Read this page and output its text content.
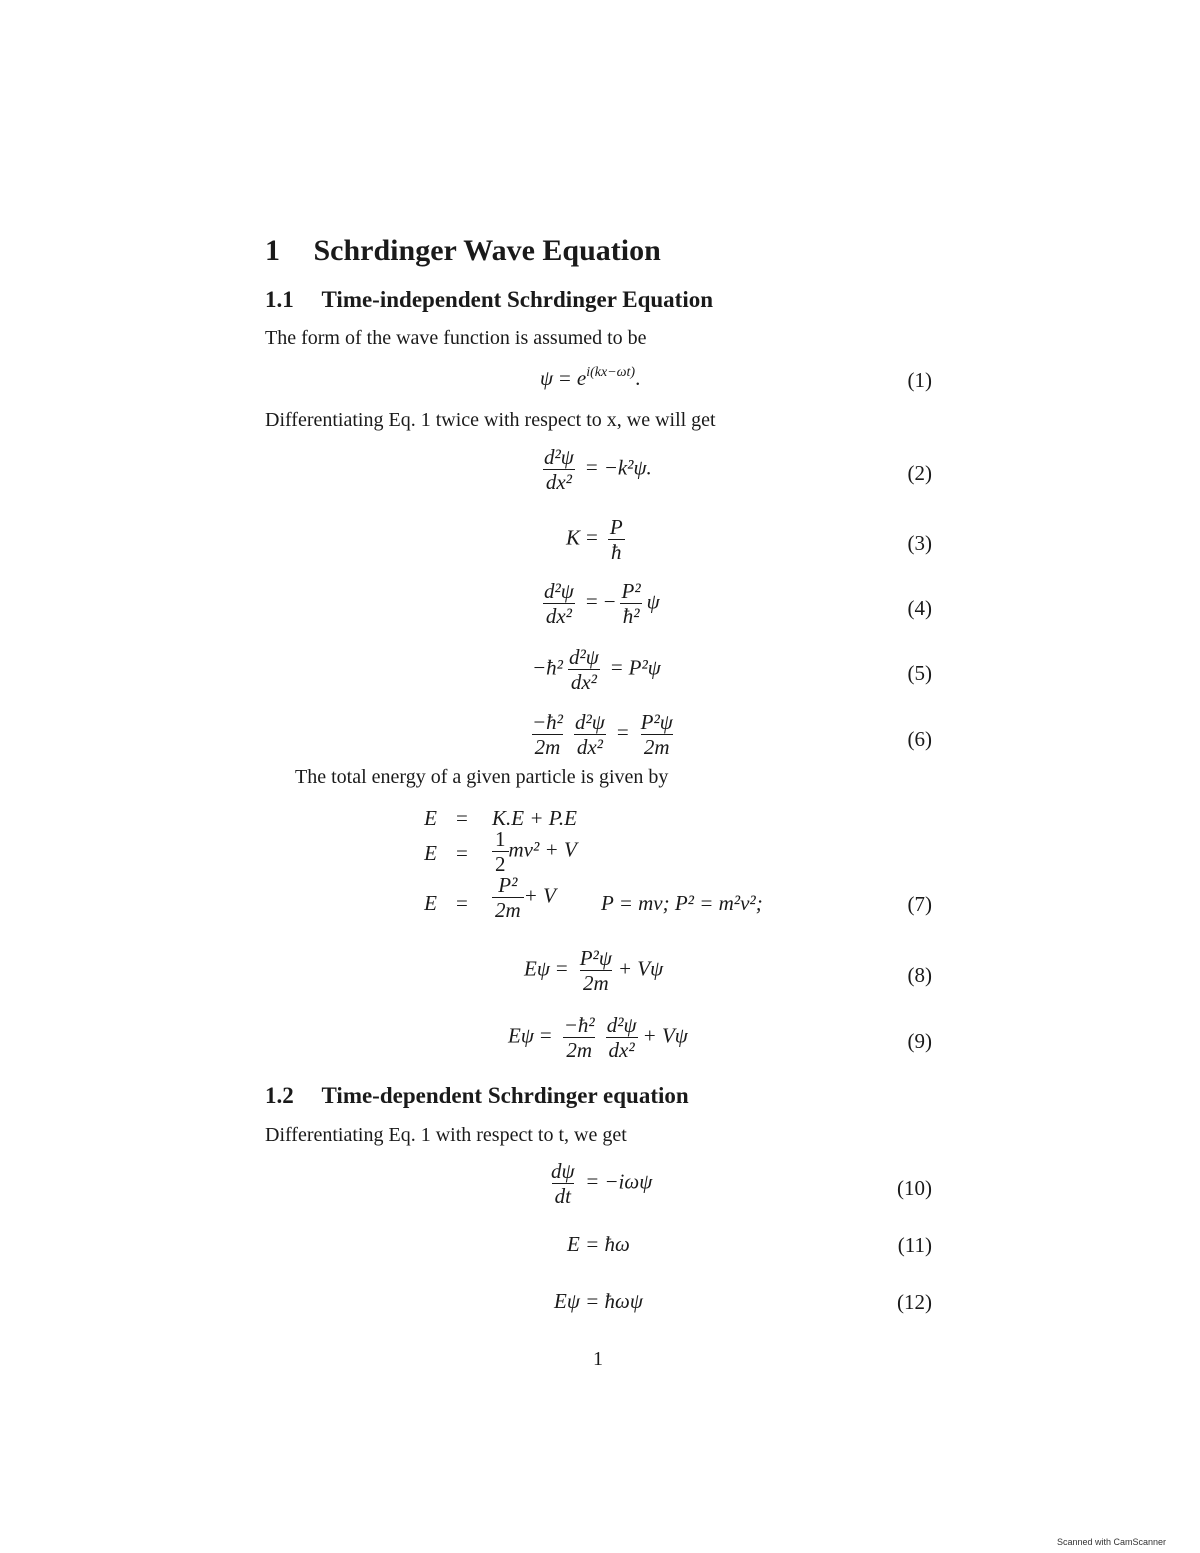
1 Schrdinger Wave Equation
1.1 Time-independent Schrdinger Equation
The form of the wave function is assumed to be
$\psi = e^{i(kx-\omega t)}$.	(1)
Differentiating Eq. 1 twice with respect to x, we will get
$\frac{\text{d²ψ}}{\text{dx²}} = -k^2\psi$.	(2)
$K = \frac{P}{ħ}$	(3)
$\frac{\text{d²ψ}}{\text{dx²}}$ = − $\frac{\text{P²}}{\text{ħ²}}$ ψ	(4)
−ħ² $\frac{\text{d²ψ}}{\text{dx²}} = P^2\psi$	(5)
$\frac{\text{−ħ²}}{2m} \frac{\text{d²ψ}}{\text{dx²}} = \frac{\text{P²ψ}}{2m}$	(6)
The total energy of a given particle is given by
E = K.E + P.E
$E = \frac{1}{2} mv^2 + V$
$E = \frac{\text{P²}}{2m} + V$ P = mv; P² = m²v²;	(7)
$E\psi = \frac{\text{P²ψ}}{2m} + V\psi$	(8)
$E\psi = \frac{\text{−ħ²}}{2m} \frac{\text{d²ψ}}{\text{dx²}} + V\psi$	(9)
1.2 Time-dependent Schrdinger equation
Differentiating Eq. 1 with respect to t, we get
$\frac{d\psi}{dt} = -i\omega\psi$	(10)
E = ħω	(11)
Eψ = ħωψ	(12)
1
Scanned with CamScanner
